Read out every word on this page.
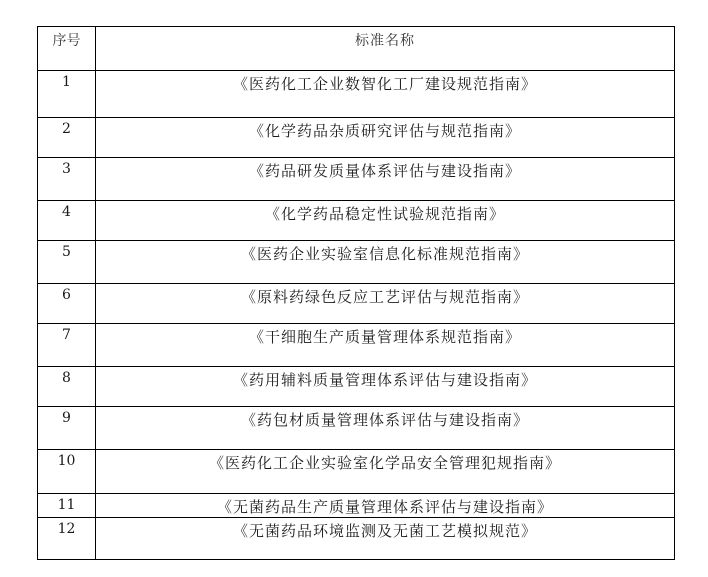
序号	标准名称
1	《医药化工企业数智化工厂建设规范指南》
2	《化学药品杂质研究评估与规范指南》
3	《药品研发质量体系评估与建设指南》
4	《化学药品稳定性试验规范指南》
5	《医药企业实验室信息化标准规范指南》
6	《原料药绿色反应工艺评估与规范指南》
7	《干细胞生产质量管理体系规范指南》
8	《药用辅料质量管理体系评估与建设指南》
9	《药包材质量管理体系评估与建设指南》
10	《医药化工企业实验室化学品安全管理犯规指南》
11	《无菌药品生产质量管理体系评估与建设指南》
12	《无菌药品环境监测及无菌工艺模拟规范》
